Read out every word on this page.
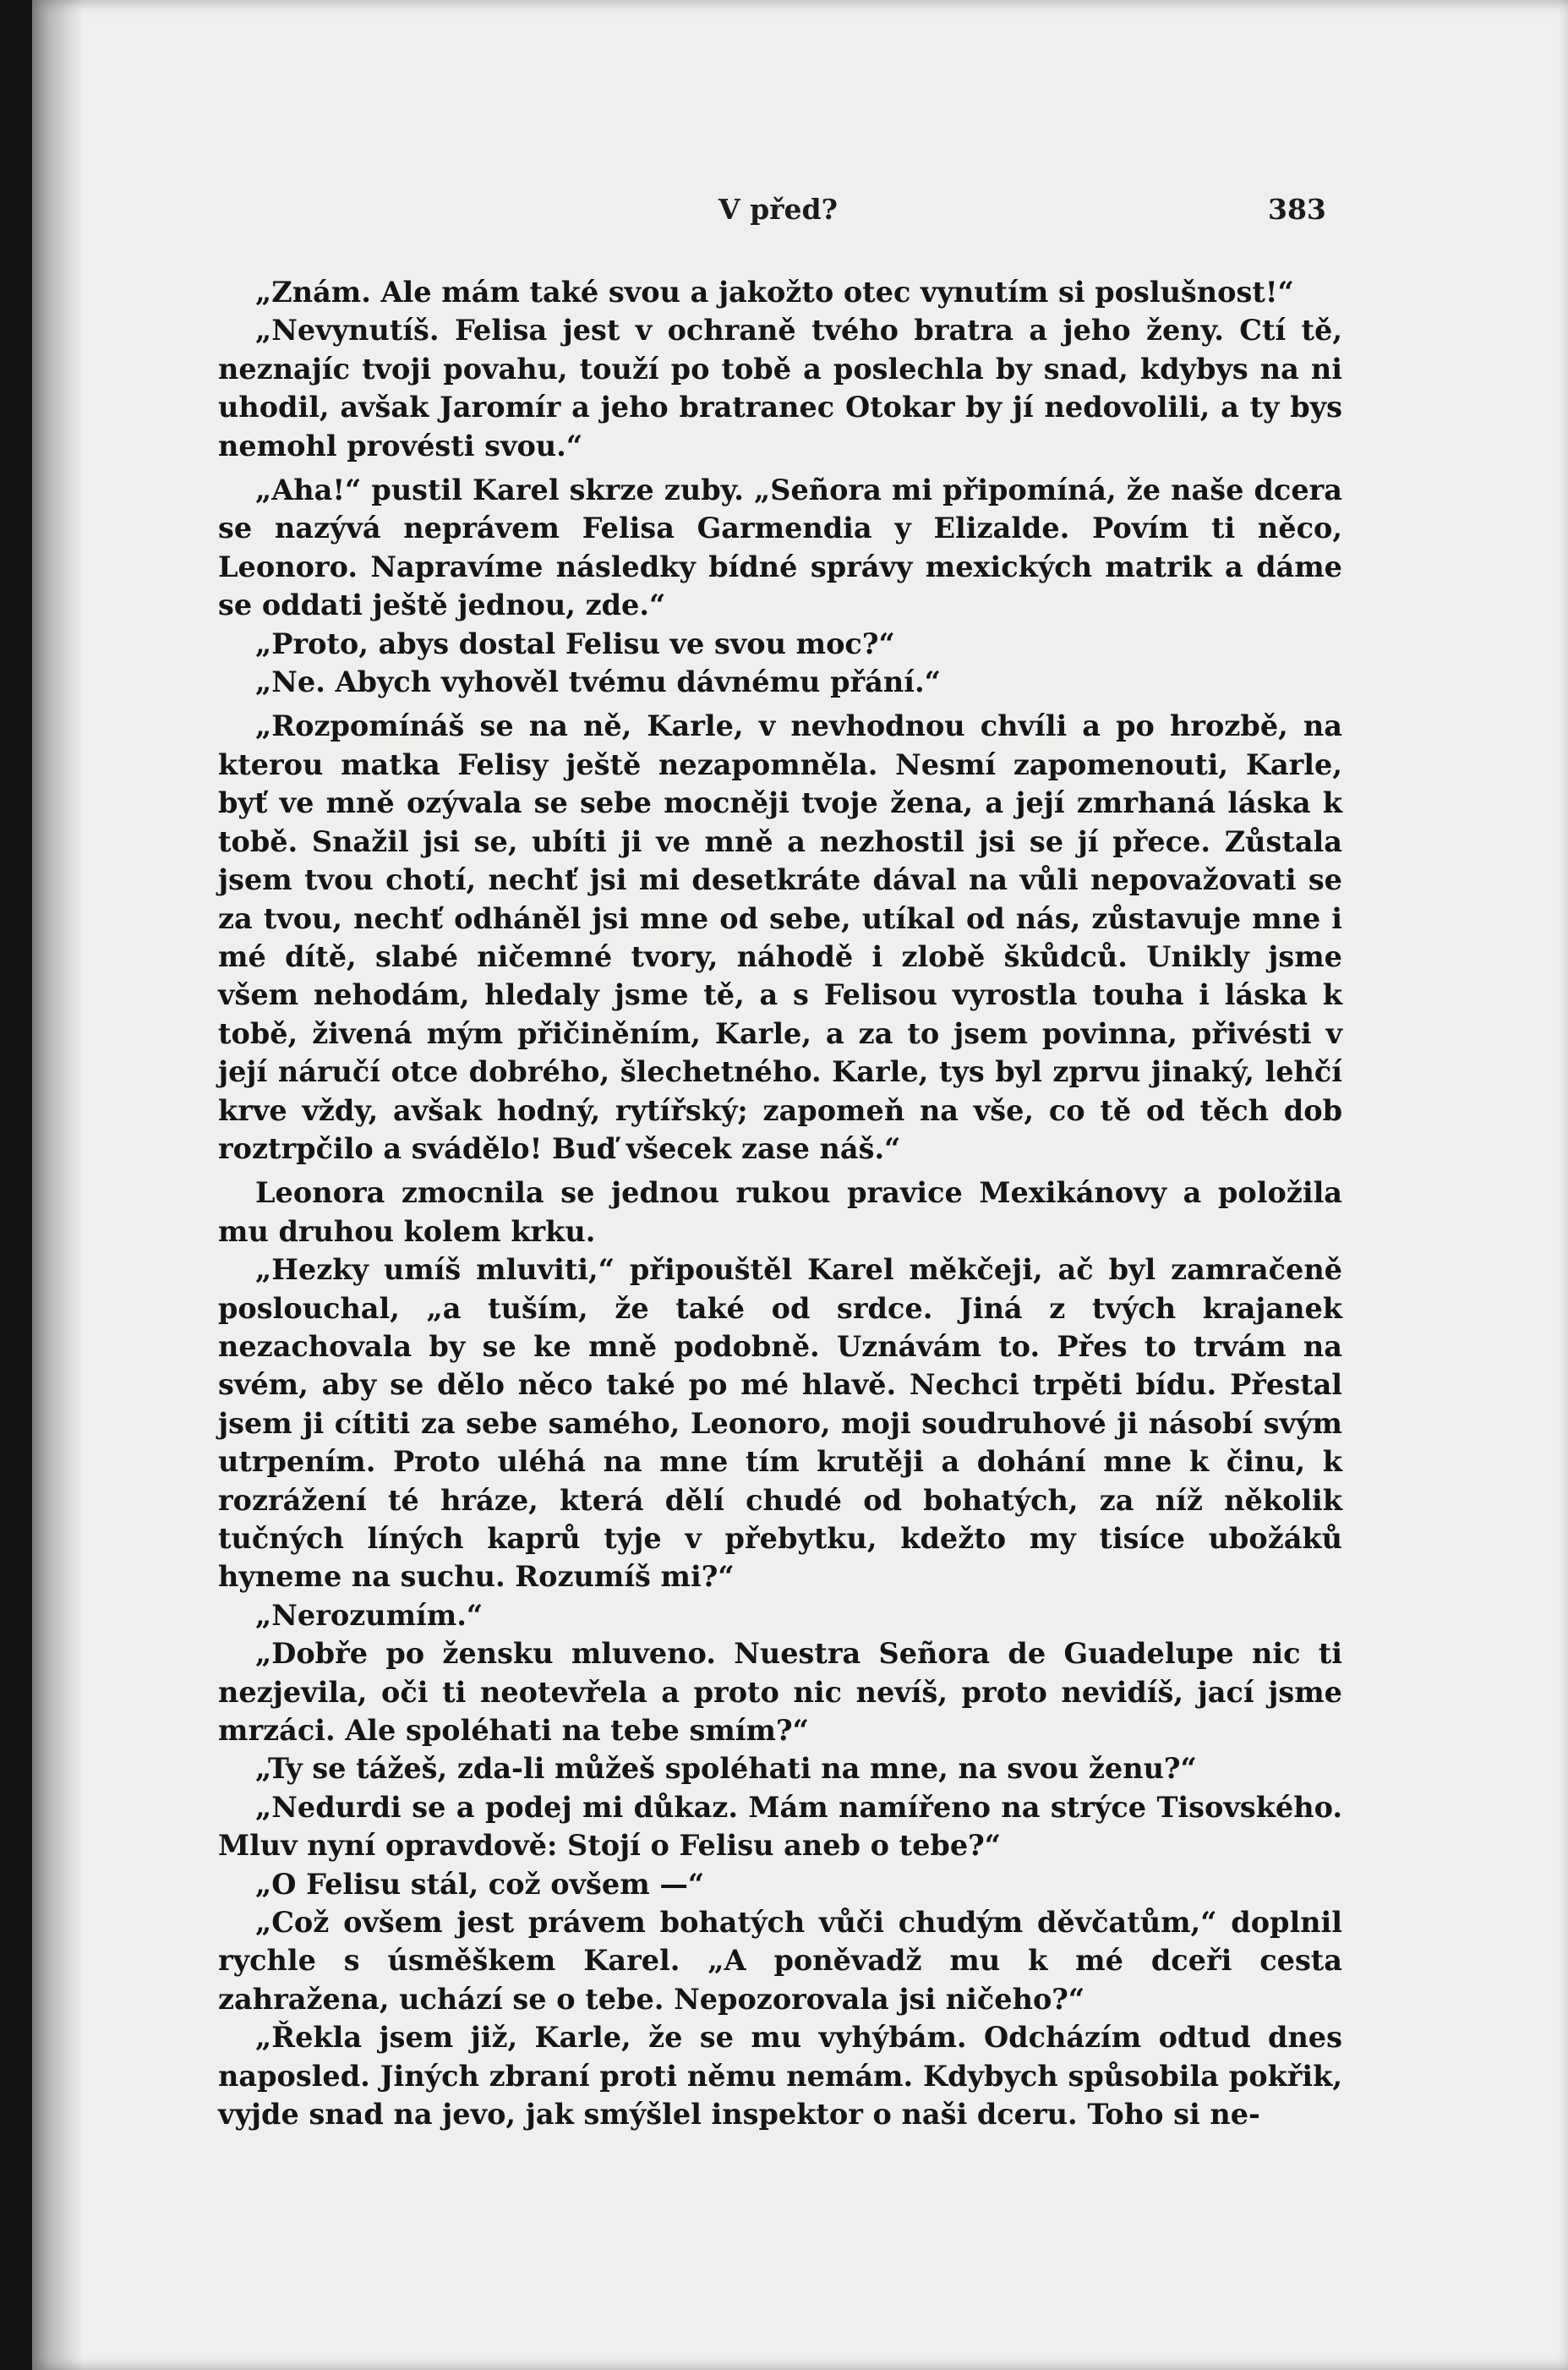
V před?	383

„Znám. Ale mám také svou a jakožto otec vynutím si poslušnost!“

„Nevynutíš. Felisa jest v ochraně tvého bratra a jeho ženy. Ctí tě, neznajíc tvoji povahu, touží po tobě a poslechla by snad, kdybys na ni uhodil, avšak Jaromír a jeho bratranec Otokar by jí nedovolili, a ty bys nemohl provésti svou.“

„Aha!“ pustil Karel skrze zuby. „Señora mi připomíná, že naše dcera se nazývá neprávem Felisa Garmendia y Elizalde. Povím ti něco, Leonoro. Napravíme následky bídné správy mexických matrik a dáme se oddati ještě jednou, zde.“

„Proto, abys dostal Felisu ve svou moc?“

„Ne. Abych vyhověl tvému dávnému přání.“

„Rozpomínáš se na ně, Karle, v nevhodnou chvíli a po hrozbě, na kterou matka Felisy ještě nezapomněla. Nesmí zapomenouti, Karle, byť ve mně ozývala se sebe mocněji tvoje žena, a její zmrhaná láska k tobě. Snažil jsi se, ubíti ji ve mně a nezhostil jsi se jí přece. Zůstala jsem tvou chotí, nechť jsi mi desetkráte dával na vůli nepovažovati se za tvou, nechť odháněl jsi mne od sebe, utíkal od nás, zůstavuje mne i mé dítě, slabé ničemné tvory, náhodě i zlobě škůdců. Unikly jsme všem nehodám, hledaly jsme tě, a s Felisou vyrostla touha i láska k tobě, živená mým přičiněním, Karle, a za to jsem povinna, přivésti v její náručí otce dobrého, šlechetného. Karle, tys byl zprvu jinaký, lehčí krve vždy, avšak hodný, rytířský; zapomeň na vše, co tě od těch dob roztrpčilo a svádělo! Buď všecek zase náš.“

Leonora zmocnila se jednou rukou pravice Mexikánovy a položila mu druhou kolem krku.

„Hezky umíš mluviti,“ připouštěl Karel měkčeji, ač byl zamračeně poslouchal, „a tuším, že také od srdce. Jiná z tvých krajanek nezachovala by se ke mně podobně. Uznávám to. Přes to trvám na svém, aby se dělo něco také po mé hlavě. Nechci trpěti bídu. Přestal jsem ji cítiti za sebe samého, Leonoro, moji soudruhové ji násobí svým utrpením. Proto uléhá na mne tím krutěji a dohání mne k činu, k rozrážení té hráze, která dělí chudé od bohatých, za níž několik tučných líných kaprů tyje v přebytku, kdežto my tisíce ubožáků hyneme na suchu. Rozumíš mi?“

„Nerozumím.“

„Dobře po žensku mluveno. Nuestra Señora de Guadelupe nic ti nezjevila, oči ti neotevřela a proto nic nevíš, proto nevidíš, jací jsme mrzáci. Ale spoléhati na tebe smím?“

„Ty se tážeš, zda-li můžeš spoléhati na mne, na svou ženu?“

„Nedurdi se a podej mi důkaz. Mám namířeno na strýce Tisovského. Mluv nyní opravdově: Stojí o Felisu aneb o tebe?“

„O Felisu stál, což ovšem —“

„Což ovšem jest právem bohatých vůči chudým děvčatům,“ doplnil rychle s úsměškem Karel. „A poněvadž mu k mé dceři cesta zahražena, uchází se o tebe. Nepozorovala jsi ničeho?“

„Řekla jsem již, Karle, že se mu vyhýbám. Odcházím odtud dnes naposled. Jiných zbraní proti němu nemám. Kdybych spůsobila pokřik, vyjde snad na jevo, jak smýšlel inspektor o naši dceru. Toho si ne-
